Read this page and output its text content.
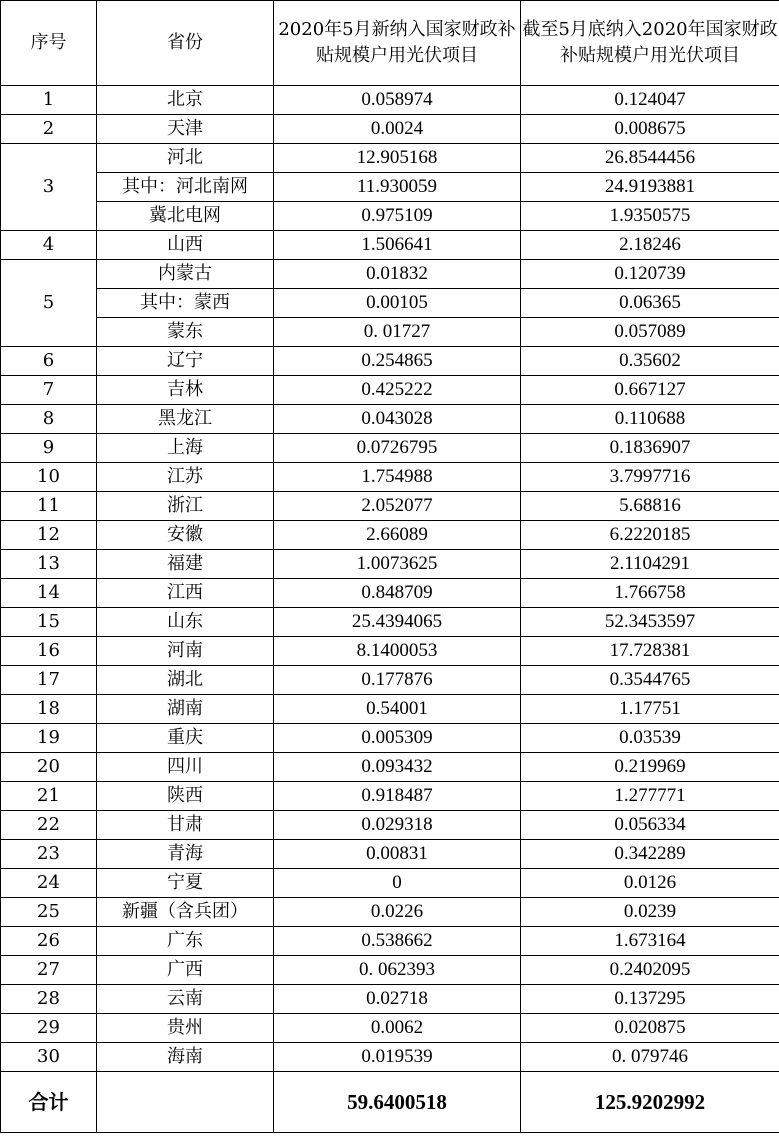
序号	省份	2020年5月新纳入国家财政补贴规模户用光伏项目	截至5月底纳入2020年国家财政补贴规模户用光伏项目
1	北京	0.058974	0.124047
2	天津	0.0024	0.008675
3	河北	12.905168	26.8544456
	其中：河北南网	11.930059	24.9193881
	冀北电网	0.975109	1.9350575
4	山西	1.506641	2.18246
5	内蒙古	0.01832	0.120739
	其中：蒙西	0.00105	0.06365
	蒙东	0. 01727	0.057089
6	辽宁	0.254865	0.35602
7	吉林	0.425222	0.667127
8	黑龙江	0.043028	0.110688
9	上海	0.0726795	0.1836907
10	江苏	1.754988	3.7997716
11	浙江	2.052077	5.68816
12	安徽	2.66089	6.2220185
13	福建	1.0073625	2.1104291
14	江西	0.848709	1.766758
15	山东	25.4394065	52.3453597
16	河南	8.1400053	17.728381
17	湖北	0.177876	0.3544765
18	湖南	0.54001	1.17751
19	重庆	0.005309	0.03539
20	四川	0.093432	0.219969
21	陕西	0.918487	1.277771
22	甘肃	0.029318	0.056334
23	青海	0.00831	0.342289
24	宁夏	0	0.0126
25	新疆（含兵团）	0.0226	0.0239
26	广东	0.538662	1.673164
27	广西	0. 062393	0.2402095
28	云南	0.02718	0.137295
29	贵州	0.0062	0.020875
30	海南	0.019539	0. 079746
合计		59.6400518	125.9202992
